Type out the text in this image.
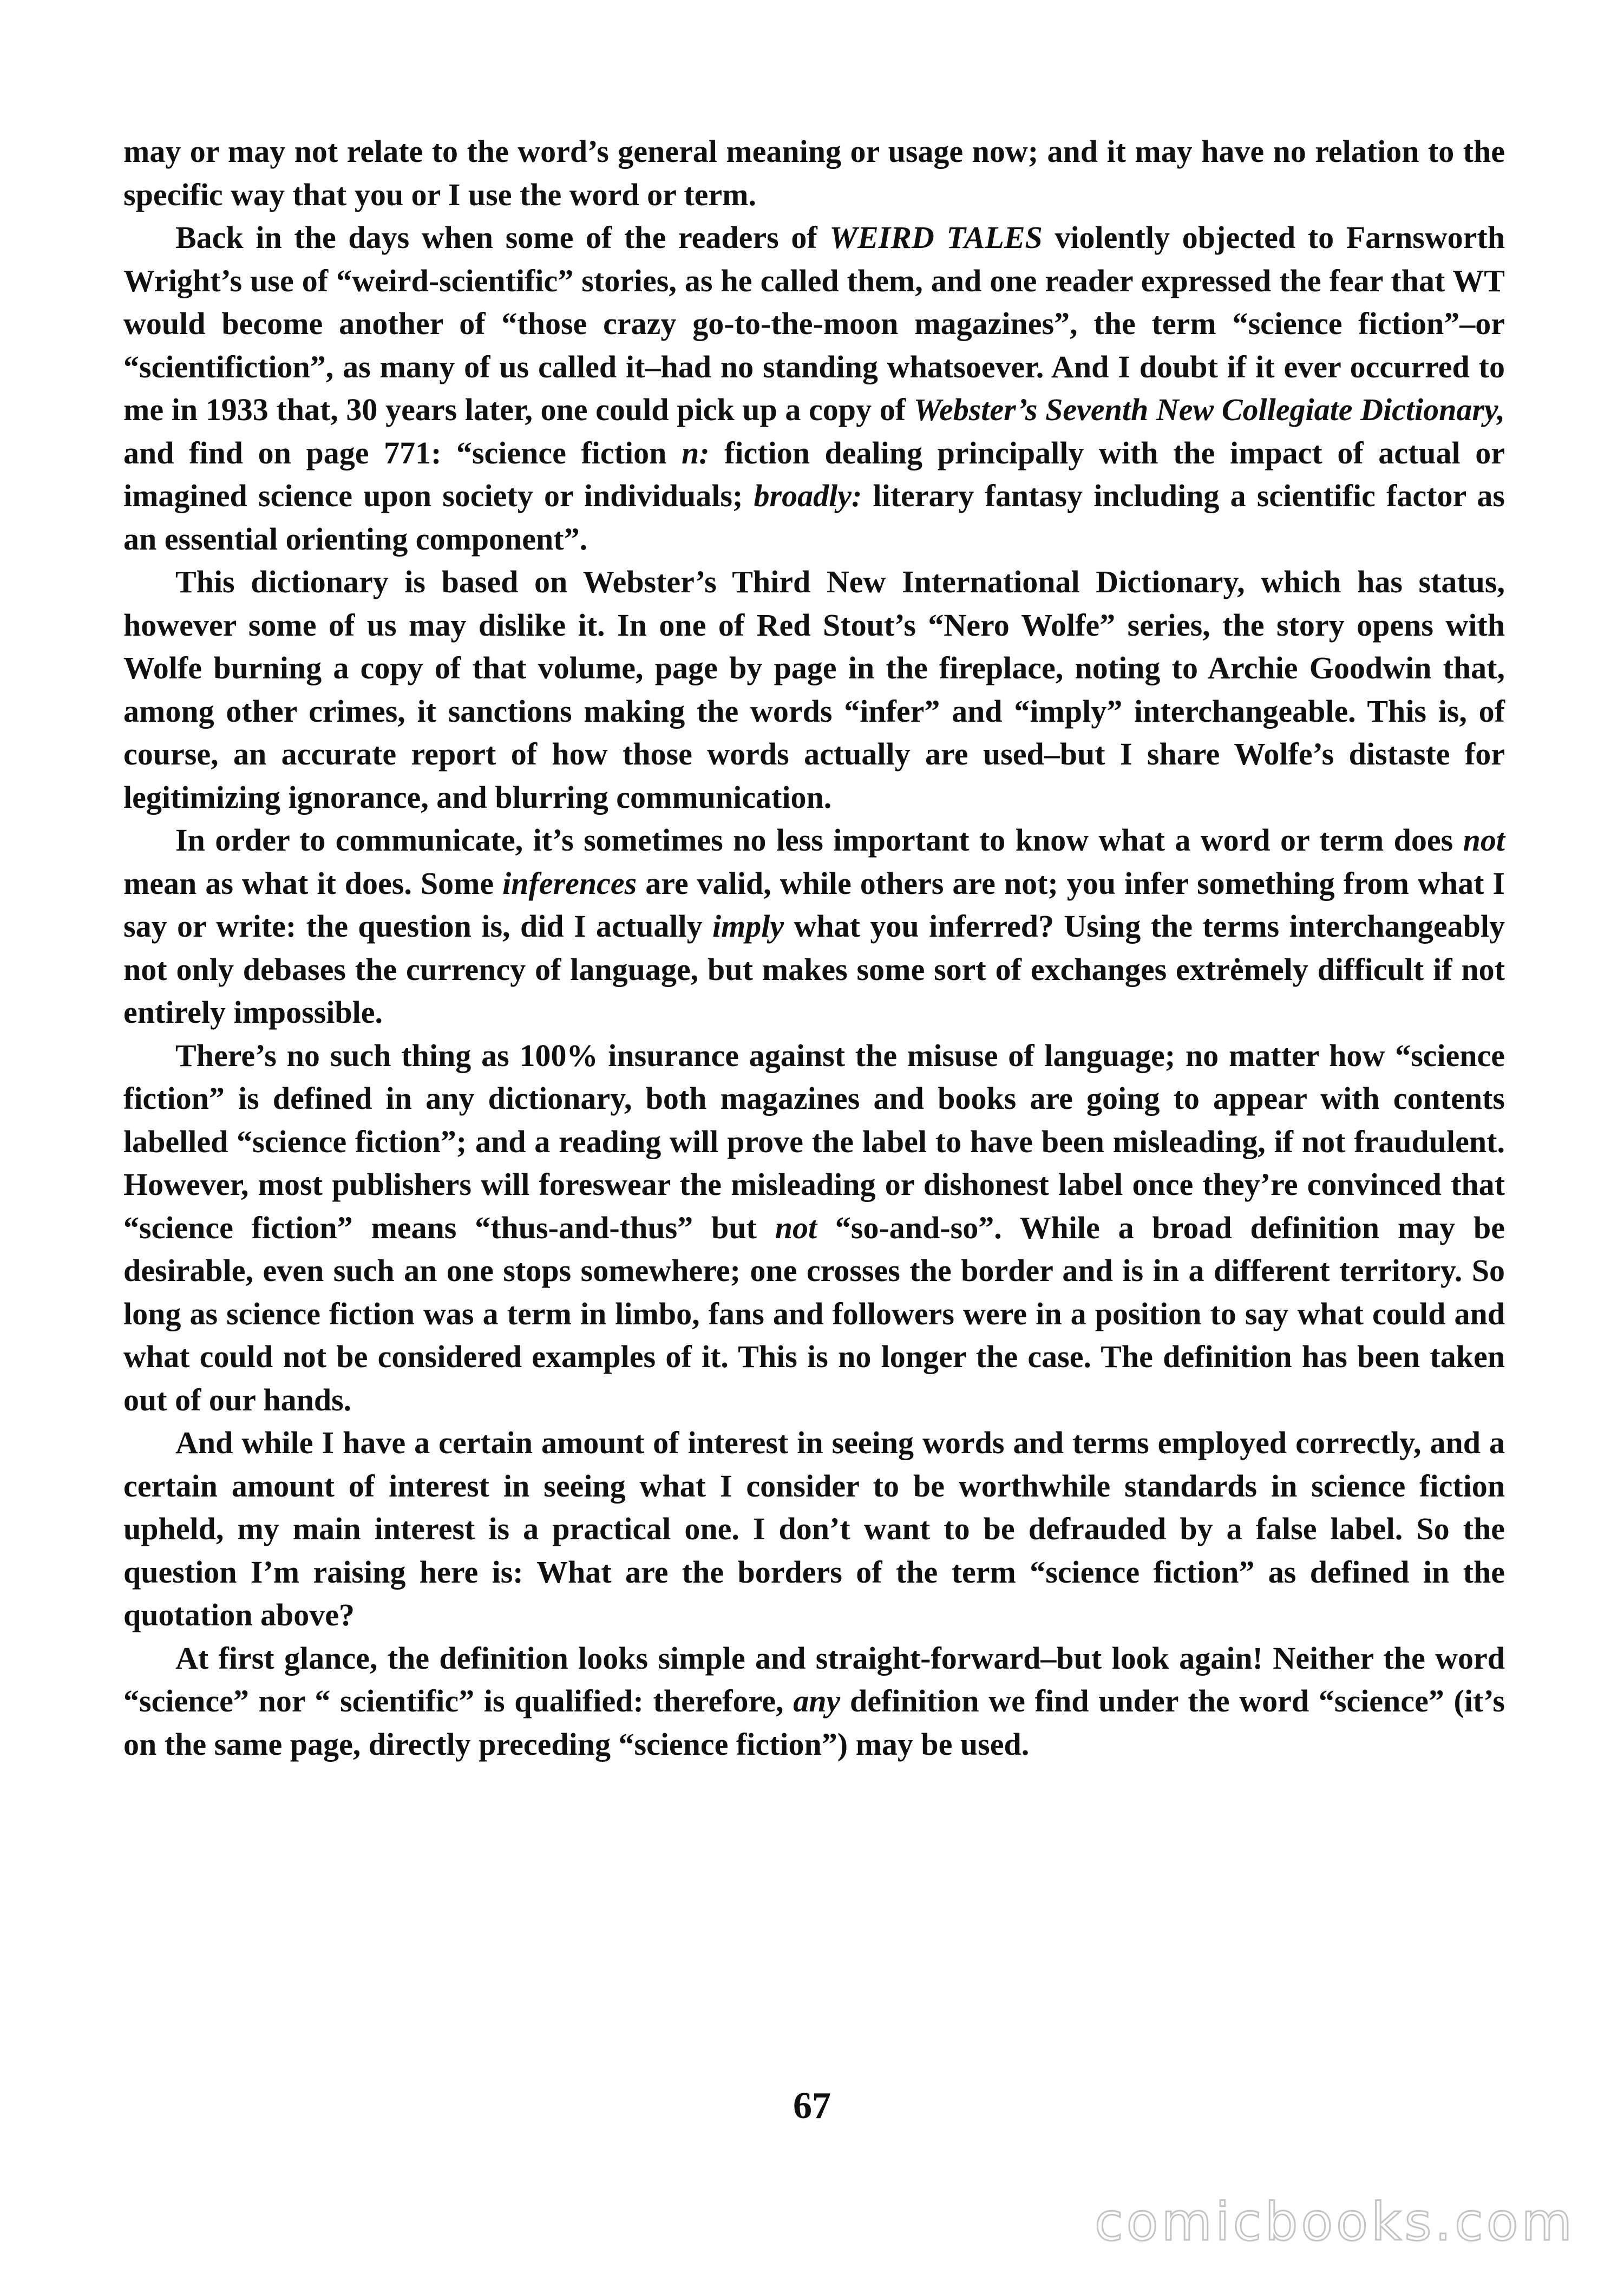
may or may not relate to the word’s general meaning or usage now; and it may have no relation to the specific way that you or I use the word or term.

Back in the days when some of the readers of WEIRD TALES violently objected to Farnsworth Wright’s use of “weird-scientific” stories, as he called them, and one reader expressed the fear that WT would become another of “those crazy go-to-the-moon magazines”, the term “science fiction”–or “scientifiction”, as many of us called it–had no standing whatsoever. And I doubt if it ever occurred to me in 1933 that, 30 years later, one could pick up a copy of Webster’s Seventh New Collegiate Dictionary, and find on page 771: “science fiction n: fiction dealing principally with the impact of actual or imagined science upon society or individuals; broadly: literary fantasy including a scientific factor as an essential orienting component”.

This dictionary is based on Webster’s Third New International Dictionary, which has status, however some of us may dislike it. In one of Red Stout’s “Nero Wolfe” series, the story opens with Wolfe burning a copy of that volume, page by page in the fireplace, noting to Archie Goodwin that, among other crimes, it sanctions making the words “infer” and “imply” interchangeable. This is, of course, an accurate report of how those words actually are used–but I share Wolfe’s distaste for legitimizing ignorance, and blurring communication.

In order to communicate, it’s sometimes no less important to know what a word or term does not mean as what it does. Some inferences are valid, while others are not; you infer something from what I say or write: the question is, did I actually imply what you inferred? Using the terms interchangeably not only debases the currency of language, but makes some sort of exchanges extrėmely difficult if not entirely impossible.

There’s no such thing as 100% insurance against the misuse of language; no matter how “science fiction” is defined in any dictionary, both magazines and books are going to appear with contents labelled “science fiction”; and a reading will prove the label to have been misleading, if not fraudulent. However, most publishers will foreswear the misleading or dishonest label once they’re convinced that “science fiction” means “thus-and-thus” but not “so-and-so”. While a broad definition may be desirable, even such an one stops somewhere; one crosses the border and is in a different territory. So long as science fiction was a term in limbo, fans and followers were in a position to say what could and what could not be considered examples of it. This is no longer the case. The definition has been taken out of our hands.

And while I have a certain amount of interest in seeing words and terms employed correctly, and a certain amount of interest in seeing what I consider to be worthwhile standards in science fiction upheld, my main interest is a practical one. I don’t want to be defrauded by a false label. So the question I’m raising here is: What are the borders of the term “science fiction” as defined in the quotation above?

At first glance, the definition looks simple and straight-forward–but look again! Neither the word “science” nor “ scientific” is qualified: therefore, any definition we find under the word “science” (it’s on the same page, directly preceding “science fiction”) may be used.

67
comicbooks.com
